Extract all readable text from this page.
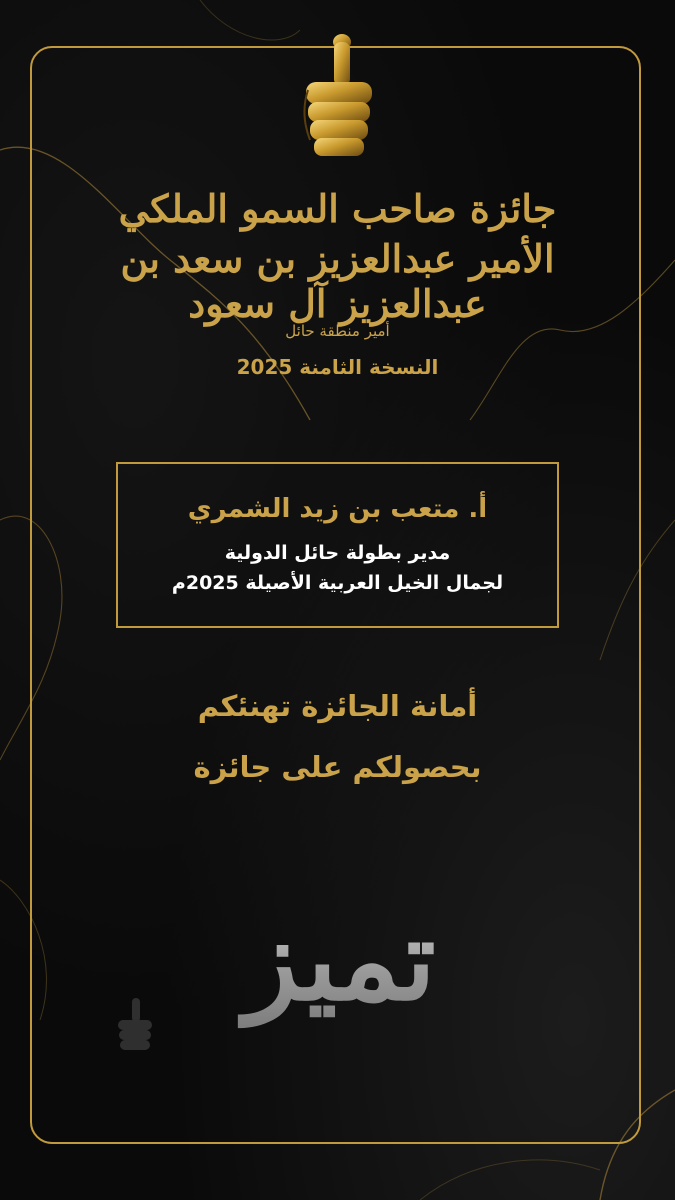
جائزة صاحب السمو الملكي
الأمير عبدالعزيز بن سعد بن عبدالعزيز آل سعود
أمير منطقة حائل
النسخة الثامنة 2025
أ. متعب بن زيد الشمري
مدير بطولة حائل الدولية
لجمال الخيل العربية الأصيلة 2025م
أمانة الجائزة تهنئكم
بحصولكم على جائزة
تميز
